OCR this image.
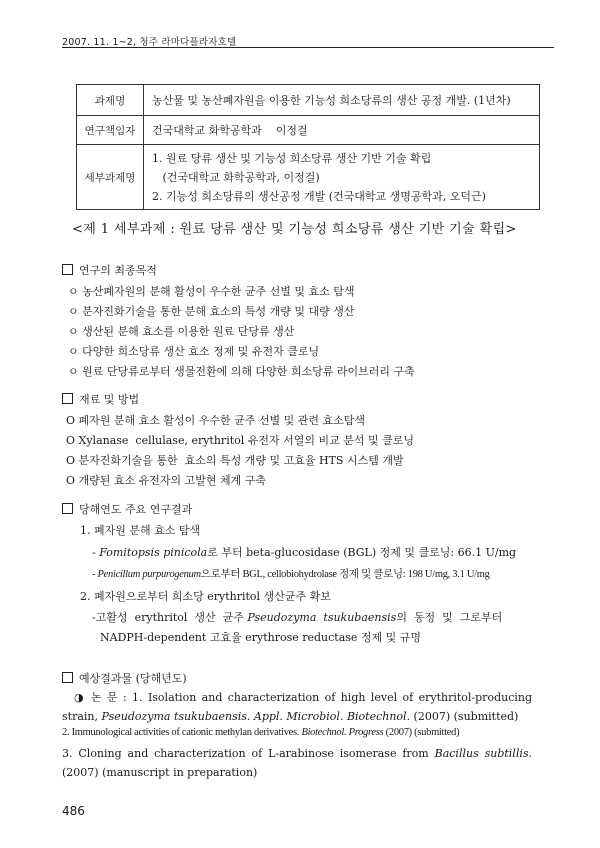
2007. 11. 1~2, 청주 라마다플라자호텔
과제명	농산물 및 농산폐자원을 이용한 기능성 희소당류의 생산 공정 개발. (1년차)
연구책임자	건국대학교 화학공학과    이정걸
세부과제명	1. 원료 당류 생산 및 기능성 희소당류 생산 기반 기술 확립
(건국대학교 화학공학과, 이정걸)
2. 기능성 희소당류의 생산공정 개발 (건국대학교 생명공학과, 오덕근)
<제 1 세부과제 : 원료 당류 생산 및 기능성 희소당류 생산 기반 기술 확립>
연구의 최종목적
ㅇ 농산폐자원의 분해 활성이 우수한 균주 선별 및 효소 탐색
ㅇ 분자진화기술을 통한 분해 효소의 특성 개량 및 대량 생산
ㅇ 생산된 분해 효소를 이용한 원료 단당류 생산
ㅇ 다양한 희소당류 생산 효소 정제 및 유전자 클로닝
ㅇ 원료 단당류로부터 생물전환에 의해 다양한 희소당류 라이브러리 구축
재료 및 방법
O 폐자원 분해 효소 활성이 우수한 균주 선별 및 관련 효소탐색
O Xylanase  cellulase, erythritol 유전자 서열의 비교 분석 및 클로닝
O 분자진화기술을 통한  효소의 특성 개량 및 고효율 HTS 시스템 개발
O 개량된 효소 유전자의 고발현 체계 구축
당해연도 주요 연구결과
1. 폐자원 분해 효소 탐색
- Fomitopsis pinicola로 부터 beta-glucosidase (BGL) 정제 및 클로닝: 66.1 U/mg
- Penicillum purpurogenum으로부터 BGL, cellobiohydrolase 정제 및 클로닝: 198 U/mg, 3.1 U/mg
2. 폐자원으로부터 희소당 erythritol 생산균주 확보
-고활성  erythritol  생산  균주 Pseudozyma  tsukubaensis의  동정  및  그로부터
NADPH-dependent 고효율 erythrose reductase 정제 및 규명
예상결과물 (당해년도)
◑ 논 문 : 1. Isolation and characterization of high level of erythritol-producing strain, Pseudozyma tsukubaensis. Appl. Microbiol. Biotechnol. (2007) (submitted)
2. Immunological activities of cationic methylan derivatives. Biotechnol. Progress (2007) (submitted)
3. Cloning and characterization of L-arabinose isomerase from Bacillus subtillis. (2007) (manuscript in preparation)
486
